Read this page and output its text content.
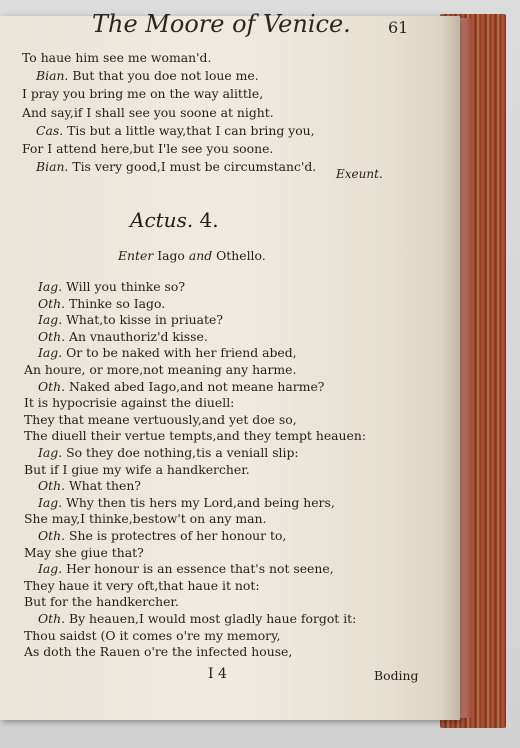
The Moore of Venice. 61
To haue him see me woman'd.
Bian. But that you doe not loue me.
I pray you bring me on the way alittle,
And say,if I shall see you soone at night.
Cas. Tis but a little way,that I can bring you,
For I attend here,but I'le see you soone.
Bian. Tis very good,I must be circumstanc'd. Exeunt.
Actus. 4.
Enter Iago and Othello.
Iag. Will you thinke so?
Oth. Thinke so Iago.
Iag. What,to kisse in priuate?
Oth. An vnauthoriz'd kisse.
Iag. Or to be naked with her friend abed,
An houre, or more,not meaning any harme.
Oth. Naked abed Iago,and not meane harme?
It is hypocrisie against the diuell:
They that meane vertuously,and yet doe so,
The diuell their vertue tempts,and they tempt heauen:
Iag. So they doe nothing,tis a veniall slip:
But if I giue my wife a handkercher.
Oth. What then?
Iag. Why then tis hers my Lord,and being hers,
She may,I thinke,bestow't on any man.
Oth. She is protectres of her honour to,
May she giue that?
Iag. Her honour is an essence that's not seene,
They haue it very oft,that haue it not:
But for the handkercher.
Oth. By heauen,I would most gladly haue forgot it:
Thou saidst (O it comes o're my memory,
As doth the Rauen o're the infected house,
I 4	Boding
